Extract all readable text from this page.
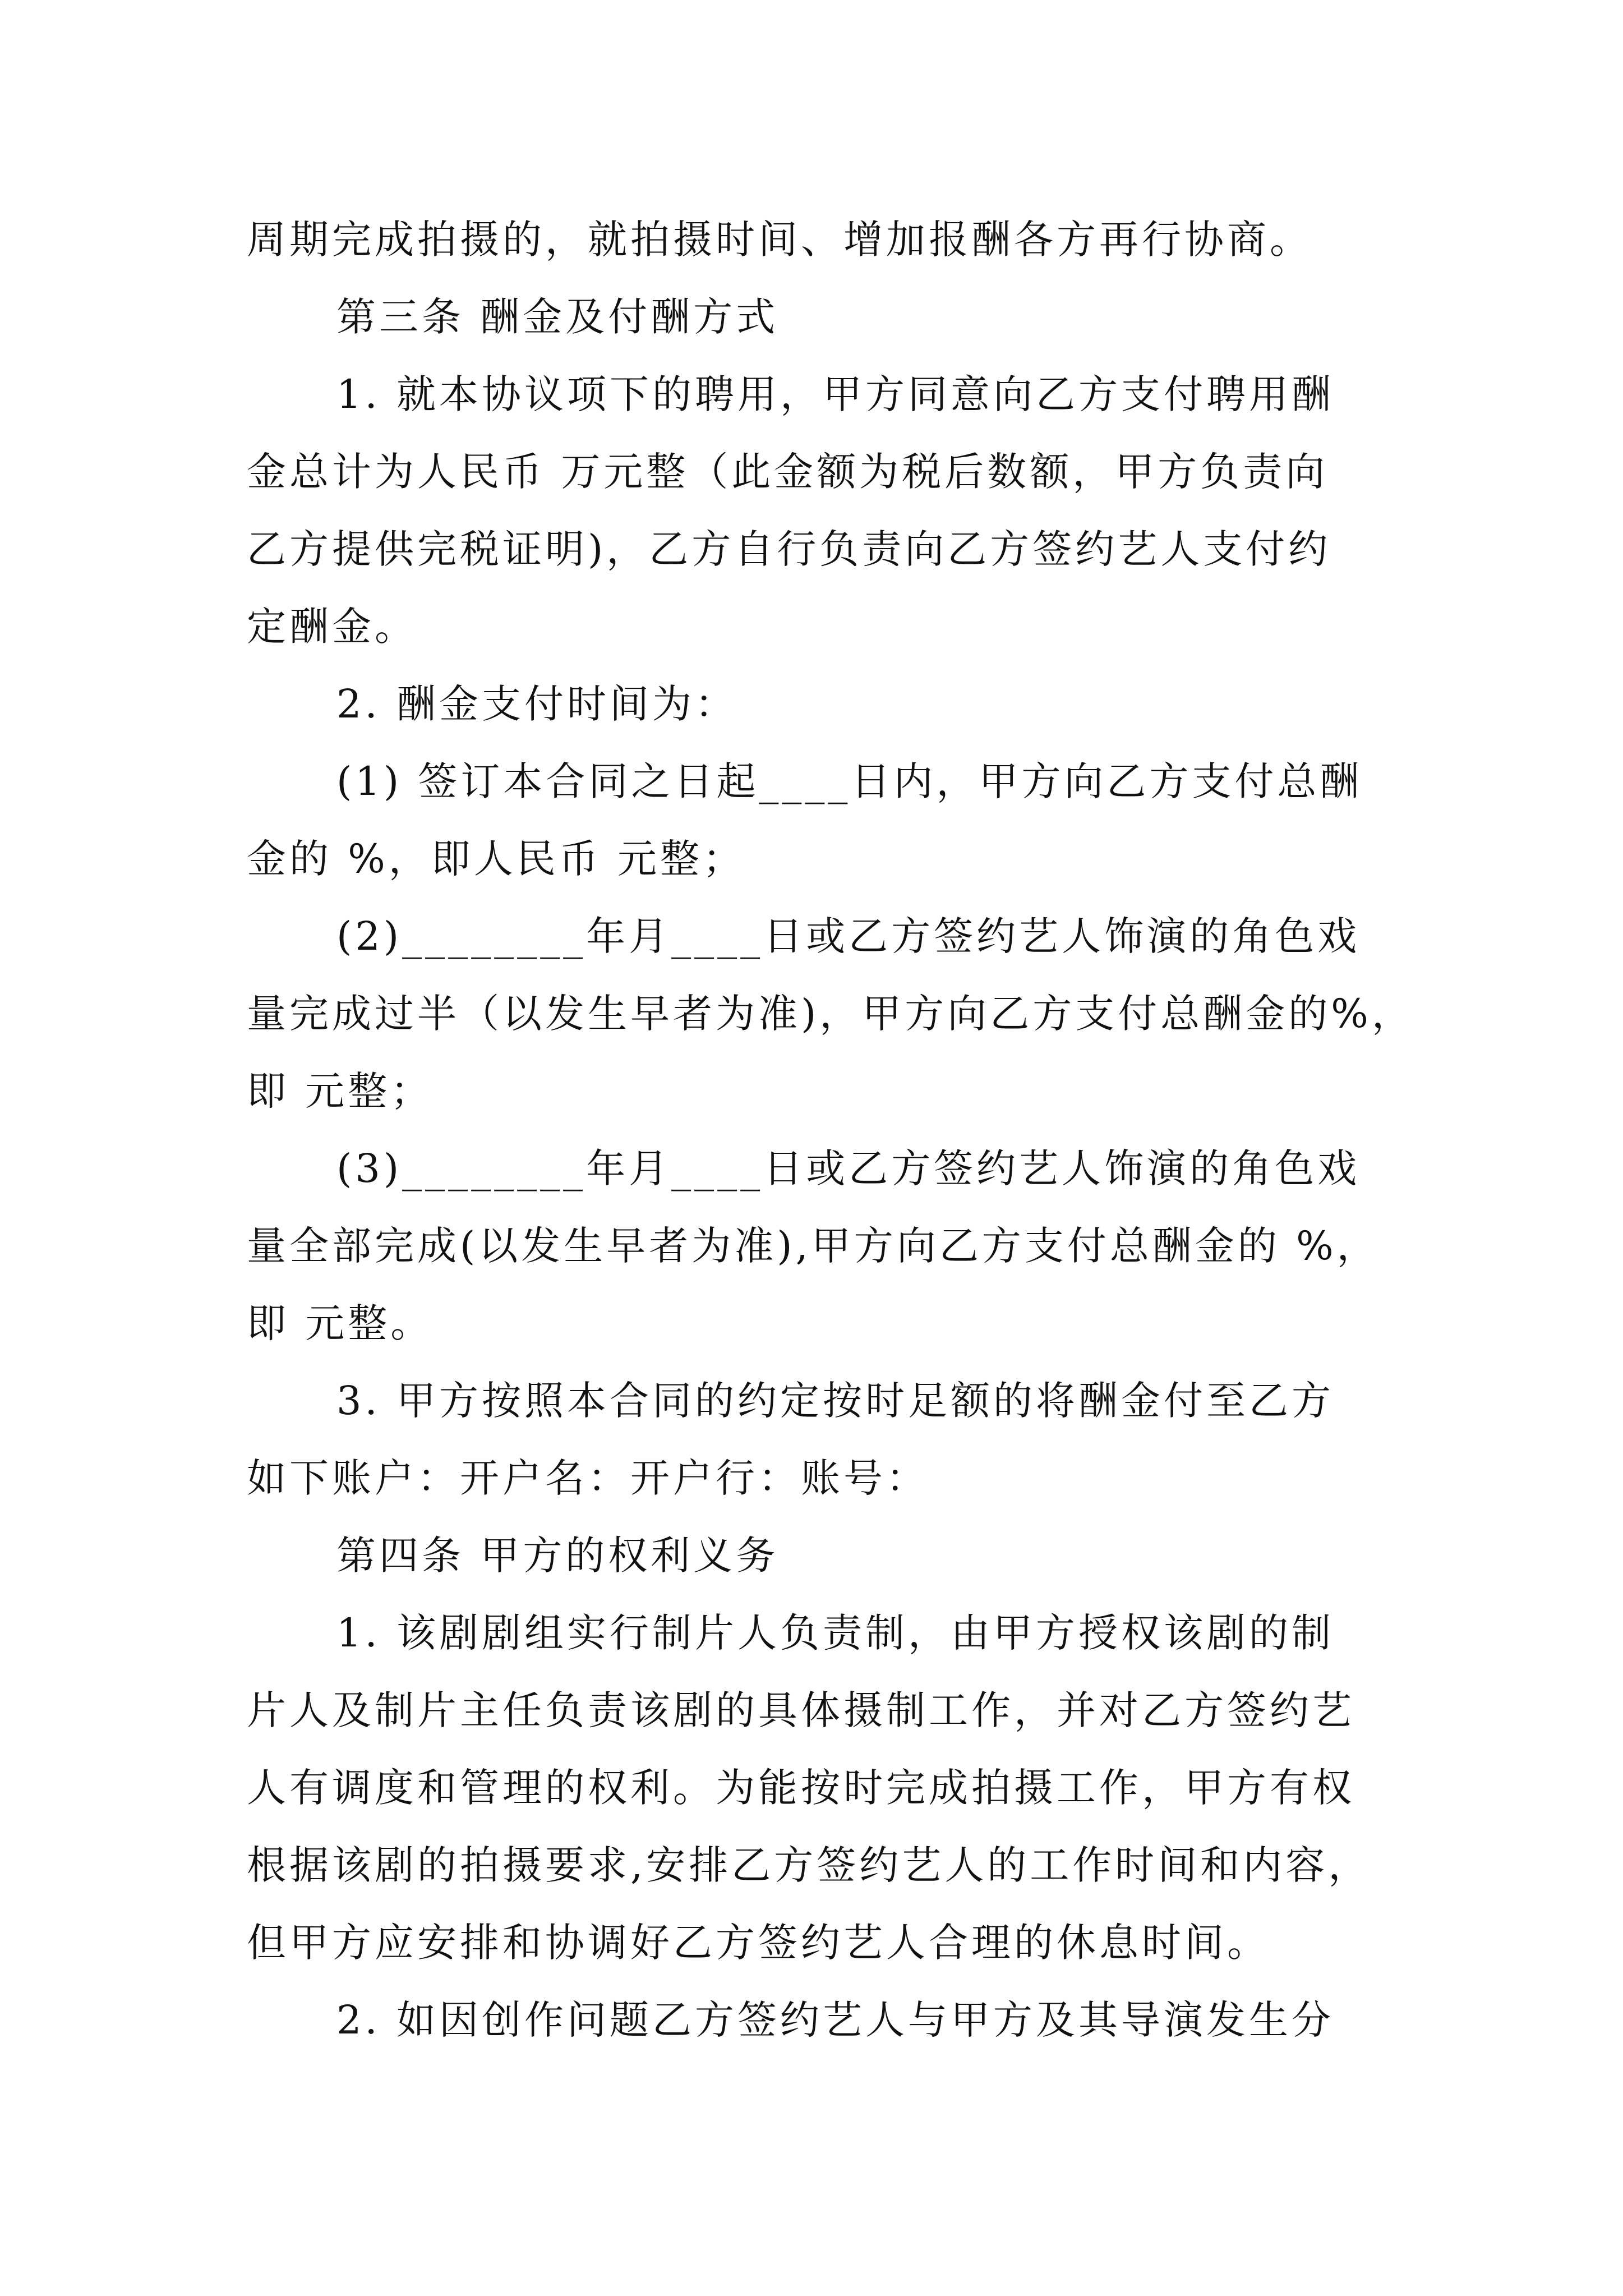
周期完成拍摄的，就拍摄时间、增加报酬各方再行协商。
第三条 酬金及付酬方式
1. 就本协议项下的聘用，甲方同意向乙方支付聘用酬
金总计为人民币 万元整（此金额为税后数额，甲方负责向
乙方提供完税证明)，乙方自行负责向乙方签约艺人支付约
定酬金。
2. 酬金支付时间为：
(1) 签订本合同之日起____日内，甲方向乙方支付总酬
金的 %，即人民币 元整；
(2)________年月____日或乙方签约艺人饰演的角色戏
量完成过半（以发生早者为准)，甲方向乙方支付总酬金的%，
即 元整；
(3)________年月____日或乙方签约艺人饰演的角色戏
量全部完成(以发生早者为准),甲方向乙方支付总酬金的 %，
即 元整。
3. 甲方按照本合同的约定按时足额的将酬金付至乙方
如下账户：开户名：开户行：账号：
第四条 甲方的权利义务
1. 该剧剧组实行制片人负责制，由甲方授权该剧的制
片人及制片主任负责该剧的具体摄制工作，并对乙方签约艺
人有调度和管理的权利。为能按时完成拍摄工作，甲方有权
根据该剧的拍摄要求,安排乙方签约艺人的工作时间和内容，
但甲方应安排和协调好乙方签约艺人合理的休息时间。
2. 如因创作问题乙方签约艺人与甲方及其导演发生分
